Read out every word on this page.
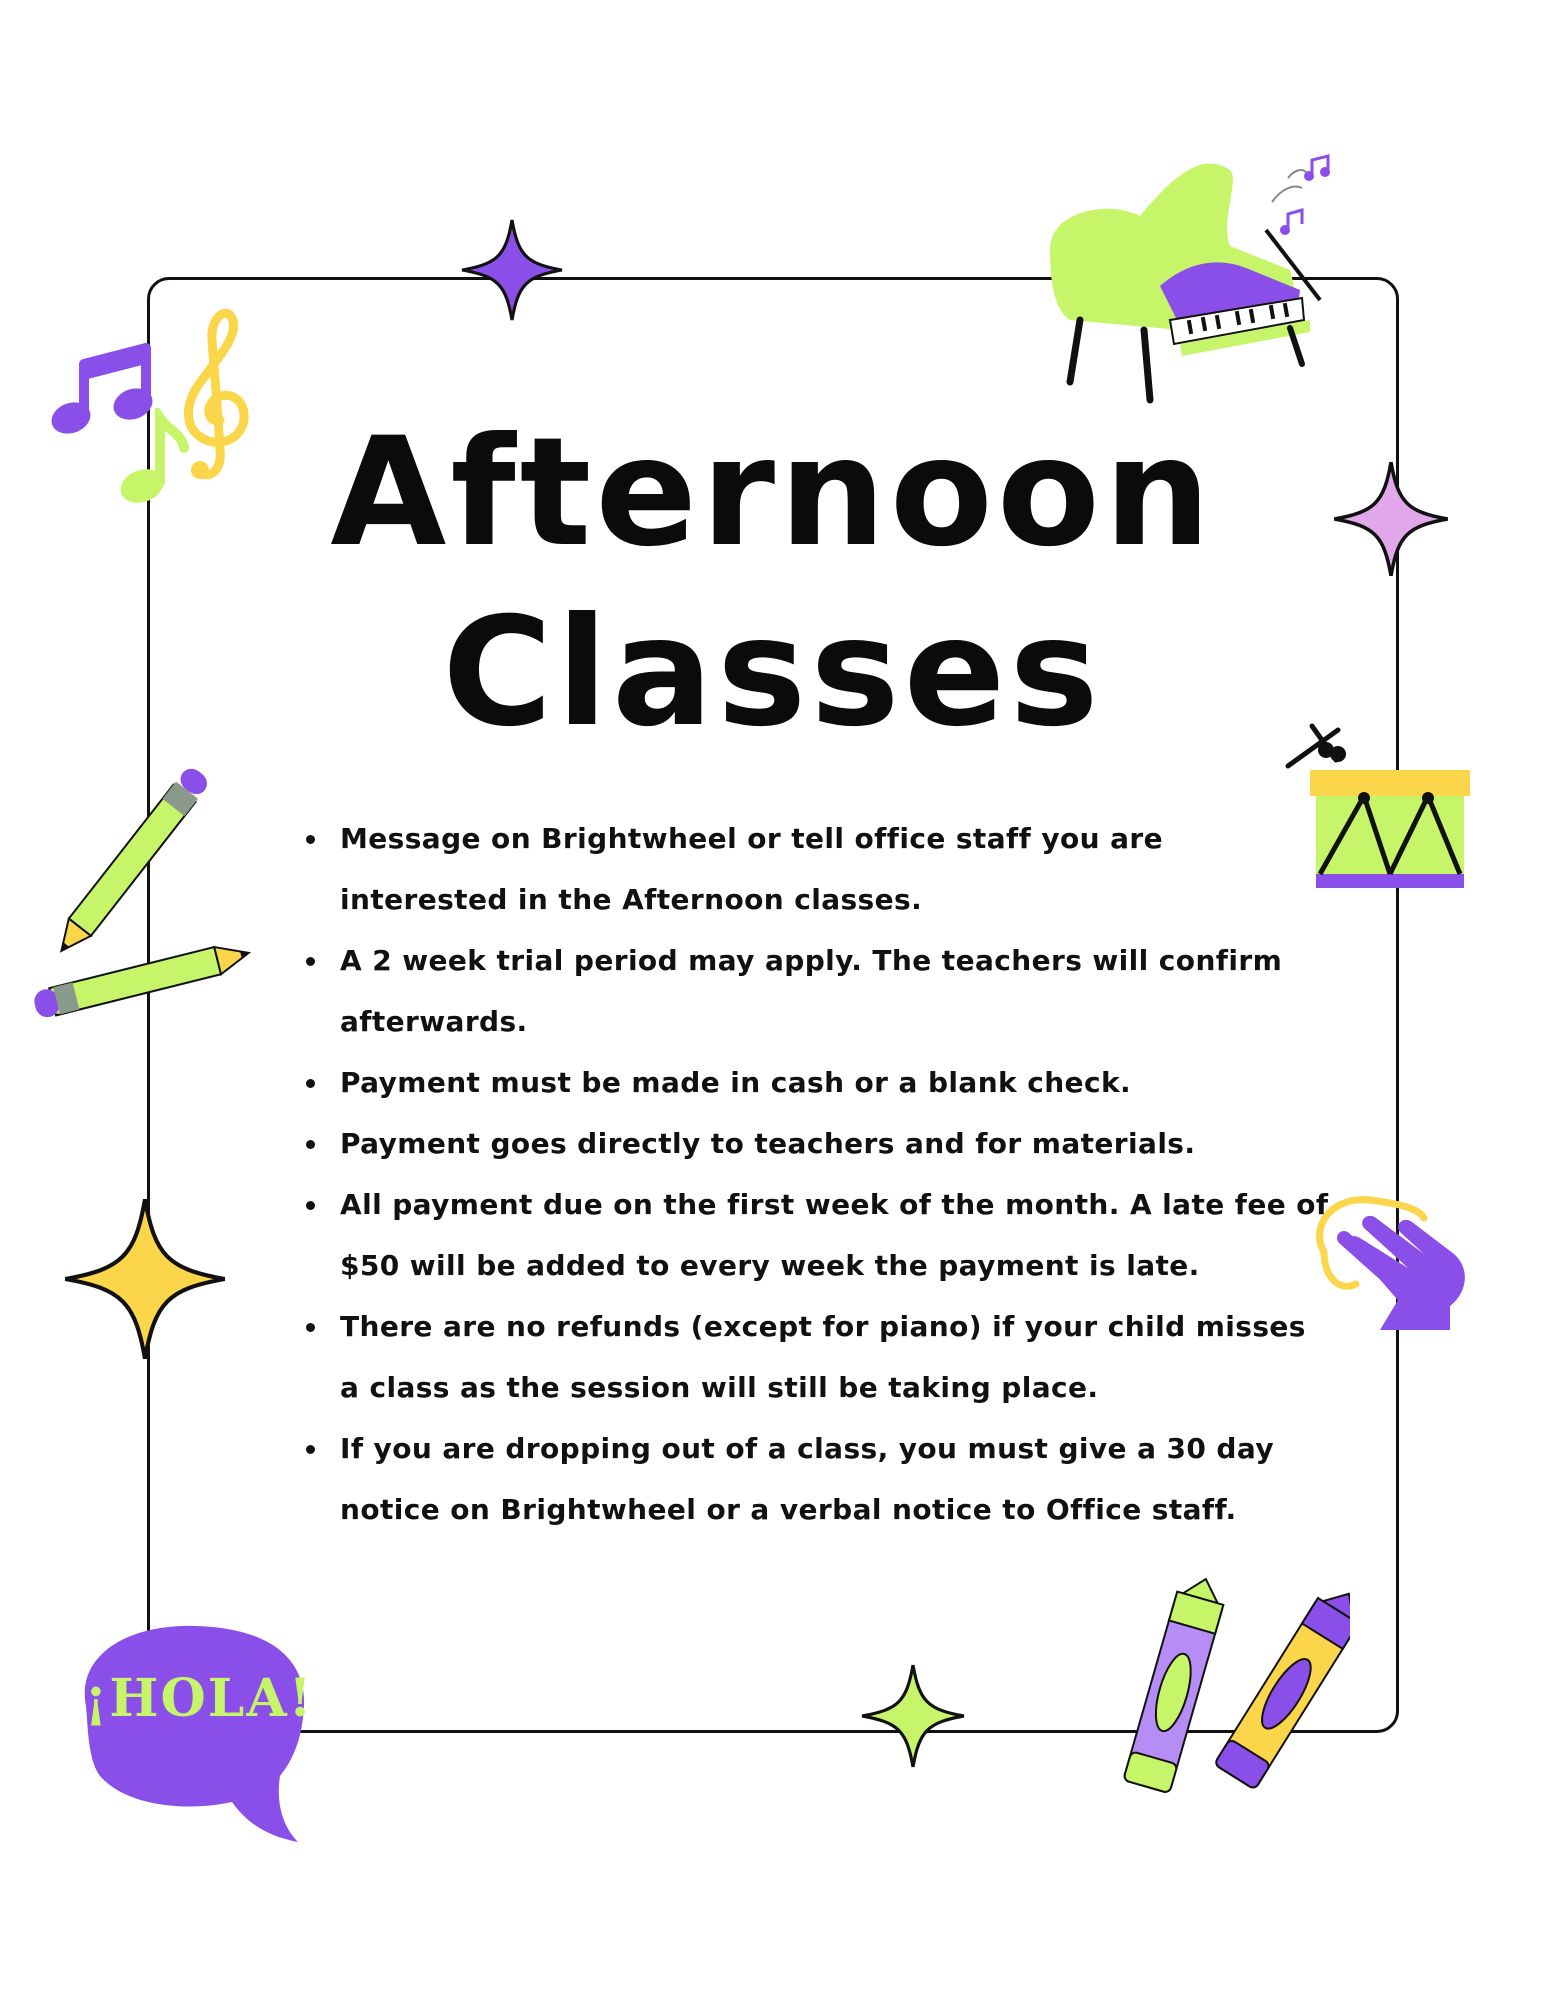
Afternoon
Classes
• Message on Brightwheel or tell office staff you are interested in the Afternoon classes.
• A 2 week trial period may apply. The teachers will confirm afterwards.
• Payment must be made in cash or a blank check.
• Payment goes directly to teachers and for materials.
• All payment due on the first week of the month. A late fee of $50 will be added to every week the payment is late.
• There are no refunds (except for piano) if your child misses a class as the session will still be taking place.
• If you are dropping out of a class, you must give a 30 day notice on Brightwheel or a verbal notice to Office staff.
¡HOLA!
